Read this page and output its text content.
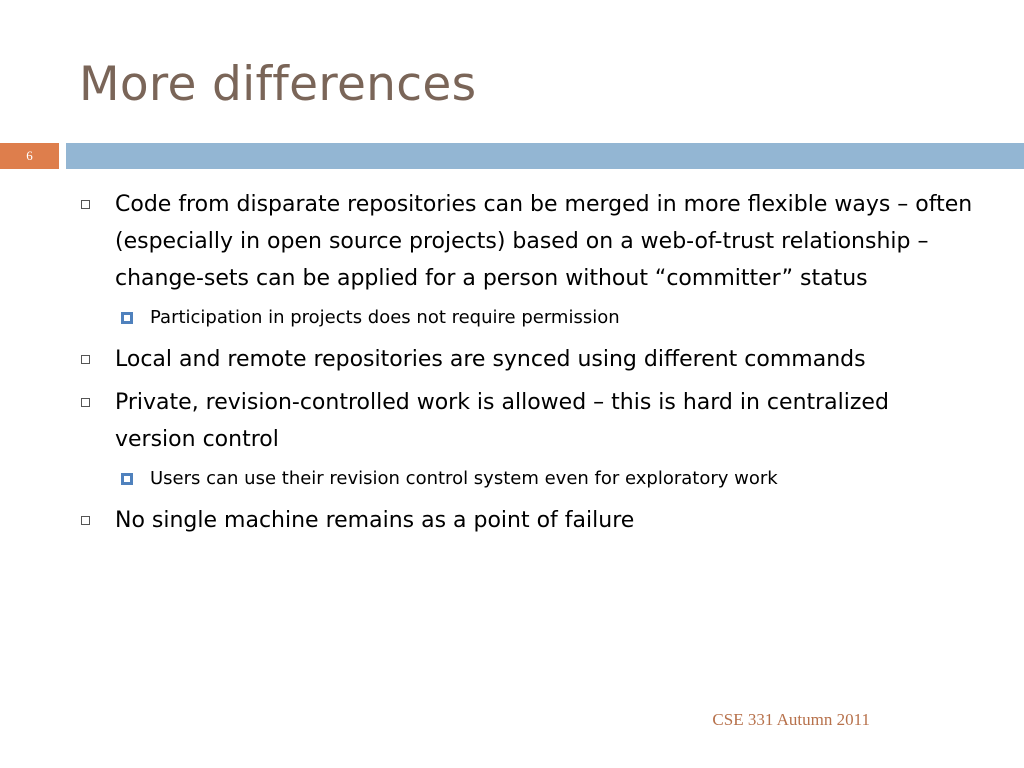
More differences
6
Code from disparate repositories can be merged in more flexible ways – often (especially in open source projects) based on a web-of-trust relationship – change-sets can be applied for a person without “committer” status
Participation in projects does not require permission
Local and remote repositories are synced using different commands
Private, revision-controlled work is allowed – this is hard in centralized version control
Users can use their revision control system even for exploratory work
No single machine remains as a point of failure
CSE 331 Autumn 2011
